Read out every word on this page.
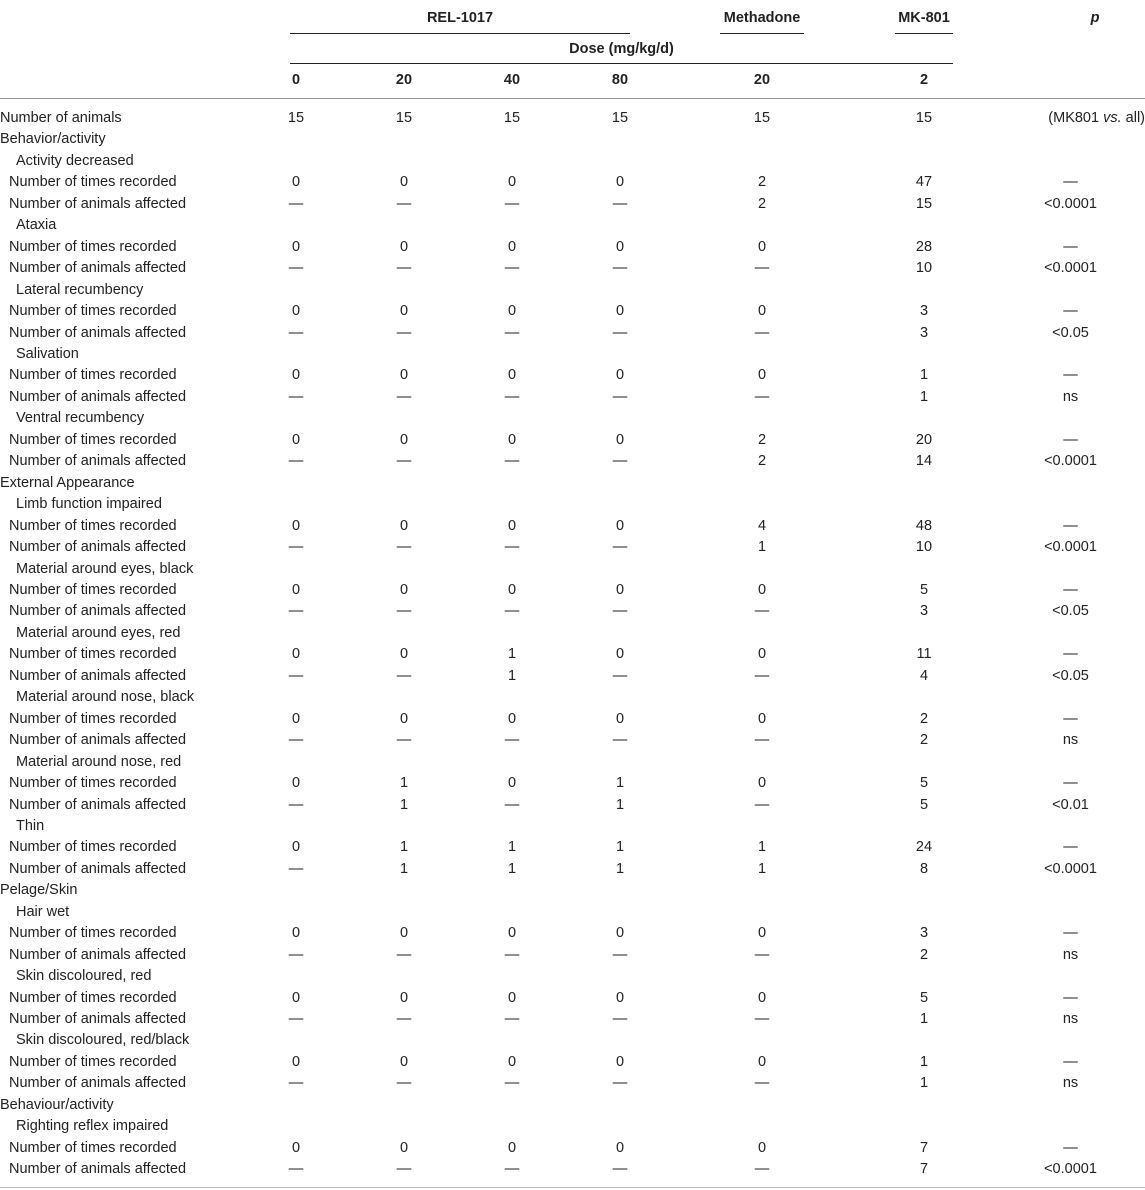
REL-1017	Methadone	MK-801	p
Dose (mg/kg/d)
0	20	40	80	20	2
Number of animals	15	15	15	15	15	15	(MK801 vs. all)
Behavior/activity							
Activity decreased							
Number of times recorded	0	0	0	0	2	47	—
Number of animals affected	—	—	—	—	2	15	<0.0001
Ataxia							
Number of times recorded	0	0	0	0	0	28	—
Number of animals affected	—	—	—	—	—	10	<0.0001
Lateral recumbency							
Number of times recorded	0	0	0	0	0	3	—
Number of animals affected	—	—	—	—	—	3	<0.05
Salivation							
Number of times recorded	0	0	0	0	0	1	—
Number of animals affected	—	—	—	—	—	1	ns
Ventral recumbency							
Number of times recorded	0	0	0	0	2	20	—
Number of animals affected	—	—	—	—	2	14	<0.0001
External Appearance							
Limb function impaired							
Number of times recorded	0	0	0	0	4	48	—
Number of animals affected	—	—	—	—	1	10	<0.0001
Material around eyes, black							
Number of times recorded	0	0	0	0	0	5	—
Number of animals affected	—	—	—	—	—	3	<0.05
Material around eyes, red							
Number of times recorded	0	0	1	0	0	11	—
Number of animals affected	—	—	1	—	—	4	<0.05
Material around nose, black							
Number of times recorded	0	0	0	0	0	2	—
Number of animals affected	—	—	—	—	—	2	ns
Material around nose, red							
Number of times recorded	0	1	0	1	0	5	—
Number of animals affected	—	1	—	1	—	5	<0.01
Thin							
Number of times recorded	0	1	1	1	1	24	—
Number of animals affected	—	1	1	1	1	8	<0.0001
Pelage/Skin							
Hair wet							
Number of times recorded	0	0	0	0	0	3	—
Number of animals affected	—	—	—	—	—	2	ns
Skin discoloured, red							
Number of times recorded	0	0	0	0	0	5	—
Number of animals affected	—	—	—	—	—	1	ns
Skin discoloured, red/black							
Number of times recorded	0	0	0	0	0	1	—
Number of animals affected	—	—	—	—	—	1	ns
Behaviour/activity							
Righting reflex impaired							
Number of times recorded	0	0	0	0	0	7	—
Number of animals affected	—	—	—	—	—	7	<0.0001
